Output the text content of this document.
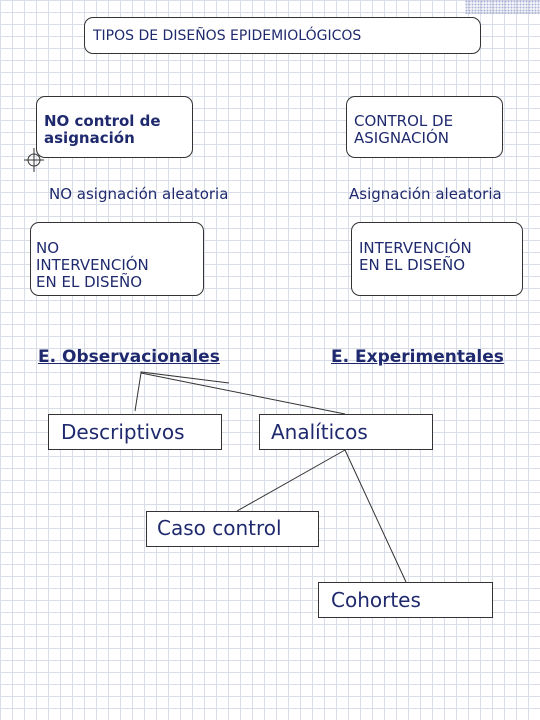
TIPOS DE DISEÑOS EPIDEMIOLÓGICOS
NO control de
asignación
NO asignación aleatoria
NO
INTERVENCIÓN
EN EL DISEÑO
E. Observacionales
CONTROL DE
ASIGNACIÓN
Asignación aleatoria
INTERVENCIÓN
EN EL DISEÑO
E. Experimentales
Descriptivos	Analíticos
Caso control
Cohortes
